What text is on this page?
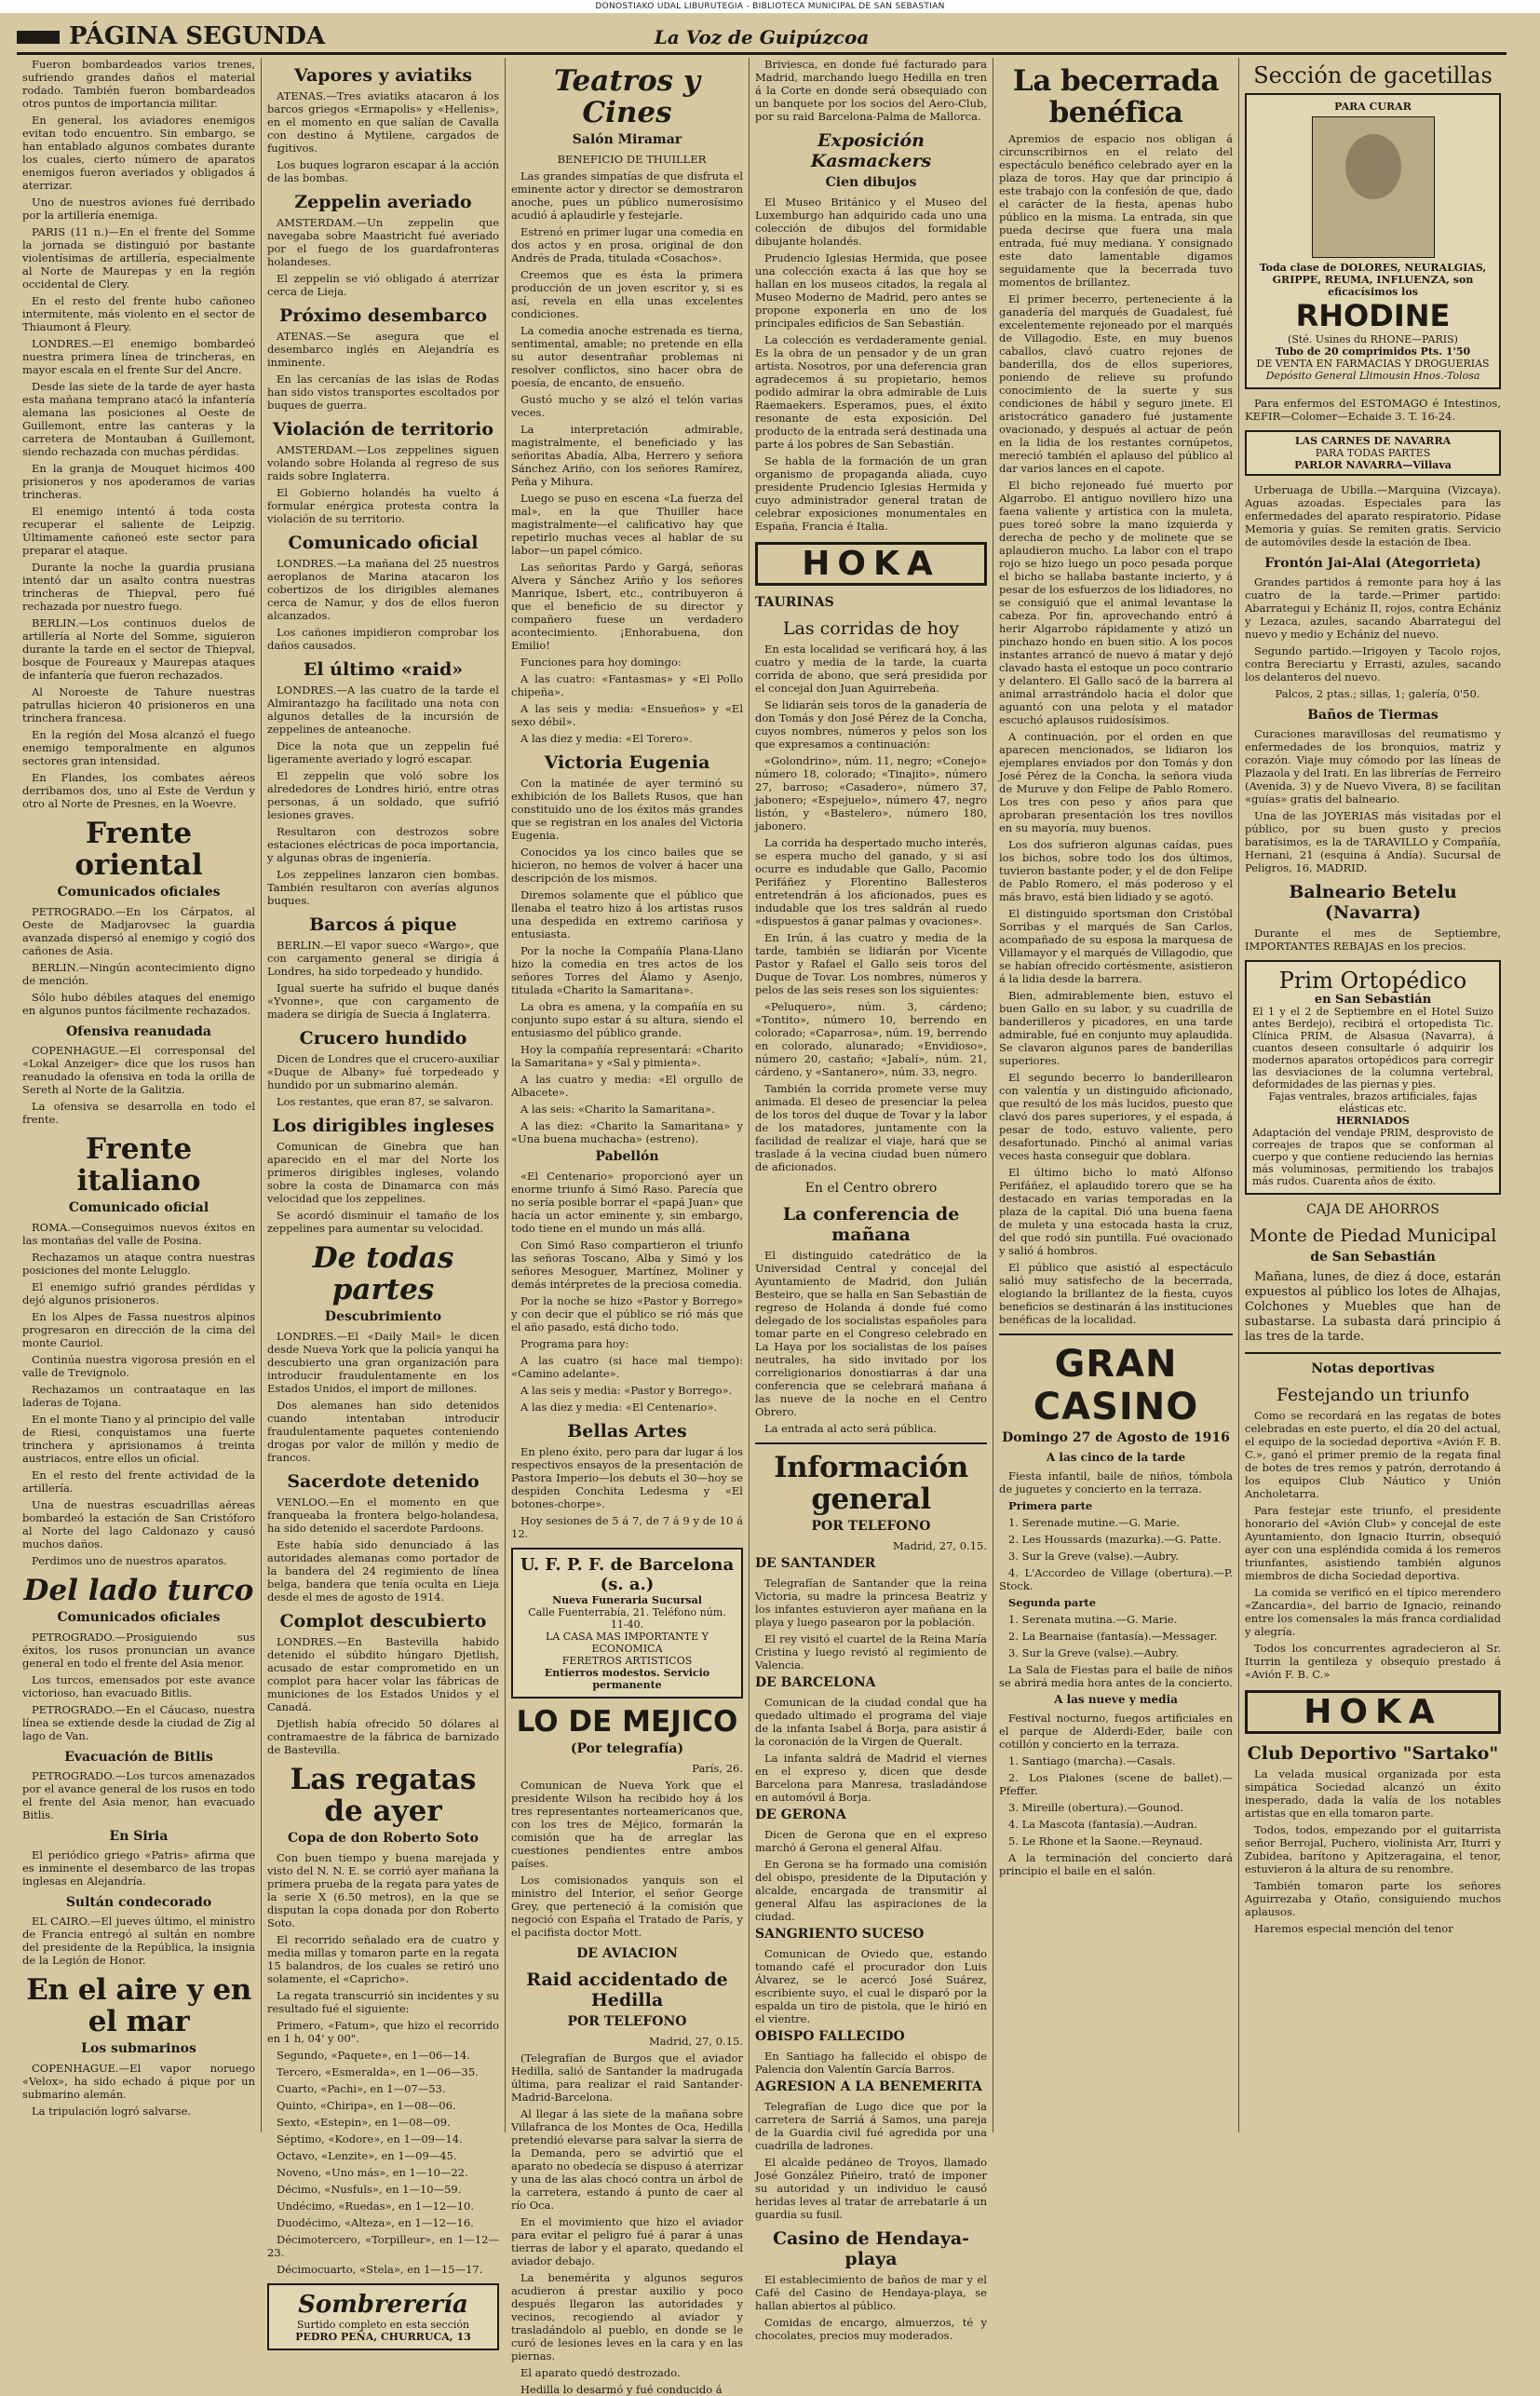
DONOSTIAKO UDAL LIBURUTEGIA - BIBLIOTECA MUNICIPAL DE SAN SEBASTIAN
PÁGINA SEGUNDA	La Voz de Guipúzcoa

Fueron bombardeados varios trenes, sufriendo grandes daños el material rodado. También fueron bombardeados otros puntos de importancia militar.

En general, los aviadores enemigos evitan todo encuentro. Sin embargo, se han entablado algunos combates durante los cuales, cierto número de aparatos enemigos fueron averiados y obligados á aterrizar.

Uno de nuestros aviones fué derribado por la artillería enemiga.

PARIS (11 n.)—En el frente del Somme la jornada se distinguió por bastante violentísimas de artillería, especialmente al Norte de Maurepas y en la región occidental de Clery.

En el resto del frente hubo cañoneo intermitente, más violento en el sector de Thiaumont á Fleury.

LONDRES.—El enemigo bombardeó nuestra primera línea de trincheras, en mayor escala en el frente Sur del Ancre.

Desde las siete de la tarde de ayer hasta esta mañana temprano atacó la infantería alemana las posiciones al Oeste de Guillemont, entre las canteras y la carretera de Montauban á Guillemont, siendo rechazada con muchas pérdidas.

En la granja de Mouquet hicimos 400 prisioneros y nos apoderamos de varias trincheras.

El enemigo intentó á toda costa recuperar el saliente de Leipzig. Últimamente cañoneó este sector para preparar el ataque.

Durante la noche la guardia prusiana intentó dar un asalto contra nuestras trincheras de Thiepval, pero fué rechazada por nuestro fuego.

BERLIN.—Los continuos duelos de artillería al Norte del Somme, siguieron durante la tarde en el sector de Thiepval, bosque de Foureaux y Maurepas ataques de infantería que fueron rechazados.

Al Noroeste de Tahure nuestras patrullas hicieron 40 prisioneros en una trinchera francesa.

En la región del Mosa alcanzó el fuego enemigo temporalmente en algunos sectores gran intensidad.

En Flandes, los combates aéreos derribamos dos, uno al Este de Verdun y otro al Norte de Presnes, en la Woevre.

Frente oriental
Comunicados oficiales

PETROGRADO.—En los Cárpatos, al Oeste de Madjarovsec la guardia avanzada dispersó al enemigo y cogió dos cañones de Asia.

BERLIN.—Ningún acontecimiento digno de mención.

Sólo hubo débiles ataques del enemigo en algunos puntos fácilmente rechazados.

Ofensiva reanudada

COPENHAGUE.—El corresponsal del «Lokal Anzeiger» dice que los rusos han reanudado la ofensiva en toda la orilla de Sereth al Norte de la Galitzia.

La ofensiva se desarrolla en todo el frente.

Frente italiano
Comunicado oficial

ROMA.—Conseguimos nuevos éxitos en las montañas del valle de Posina.

Rechazamos un ataque contra nuestras posiciones del monte Lelugglo.

El enemigo sufrió grandes pérdidas y dejó algunos prisioneros.

En los Alpes de Fassa nuestros alpinos progresaron en dirección de la cima del monte Cauriol.

Continúa nuestra vigorosa presión en el valle de Trevignolo.

Rechazamos un contraataque en las laderas de Tojana.

En el monte Tiano y al principio del valle de Riesi, conquistamos una fuerte trinchera y aprisionamos á treinta austriacos, entre ellos un oficial.

En el resto del frente actividad de la artillería.

Una de nuestras escuadrillas aéreas bombardeó la estación de San Cristóforo al Norte del lago Caldonazo y causó muchos daños.

Perdimos uno de nuestros aparatos.

Del lado turco
Comunicados oficiales

PETROGRADO.—Prosiguiendo sus éxitos, los rusos pronuncian un avance general en todo el frente del Asia menor.

Los turcos, emensados por este avance victorioso, han evacuado Bitlis.

PETROGRADO.—En el Cáucaso, nuestra línea se extiende desde la ciudad de Zig al lago de Van.

Evacuación de Bitlis

PETROGRADO.—Los turcos amenazados por el avance general de los rusos en todo el frente del Asia menor, han evacuado Bitlis.

En Siria

El periódico griego «Patris» afirma que es inminente el desembarco de las tropas inglesas en Alejandría.

Sultán condecorado

EL CAIRO.—El jueves último, el ministro de Francia entregó al sultán en nombre del presidente de la República, la insignia de la Legión de Honor.

En el aire y en el mar
Los submarinos

COPENHAGUE.—El vapor noruego «Velox», ha sido echado á pique por un submarino alemán.

La tripulación logró salvarse.

Vapores y aviatiks

ATENAS.—Tres aviatiks atacaron á los barcos griegos «Ermapolis» y «Hellenis», en el momento en que salían de Cavalla con destino á Mytilene, cargados de fugitivos.

Los buques lograron escapar á la acción de las bombas.

Zeppelin averiado

AMSTERDAM.—Un zeppelin que navegaba sobre Maastricht fué averiado por el fuego de los guardafronteras holandeses.

El zeppelin se vió obligado á aterrizar cerca de Lieja.

Próximo desembarco

ATENAS.—Se asegura que el desembarco inglés en Alejandría es inminente.

En las cercanías de las islas de Rodas han sido vistos transportes escoltados por buques de guerra.

Violación de territorio

AMSTERDAM.—Los zeppelines siguen volando sobre Holanda al regreso de sus raids sobre Inglaterra.

El Gobierno holandés ha vuelto á formular enérgica protesta contra la violación de su territorio.

Comunicado oficial

LONDRES.—La mañana del 25 nuestros aeroplanos de Marina atacaron los cobertizos de los dirigibles alemanes cerca de Namur, y dos de ellos fueron alcanzados.

Los cañones impidieron comprobar los daños causados.

El último «raid»

LONDRES.—A las cuatro de la tarde el Almirantazgo ha facilitado una nota con algunos detalles de la incursión de zeppelines de anteanoche.

Dice la nota que un zeppelin fué ligeramente averiado y logró escapar.

El zeppelin que voló sobre los alrededores de Londres hirió, entre otras personas, á un soldado, que sufrió lesiones graves.

Resultaron con destrozos sobre estaciones eléctricas de poca importancia, y algunas obras de ingeniería.

Los zeppelines lanzaron cien bombas. También resultaron con averías algunos buques.

Barcos á pique

BERLIN.—El vapor sueco «Wargo», que con cargamento general se dirigía á Londres, ha sido torpedeado y hundido.

Igual suerte ha sufrido el buque danés «Yvonne», que con cargamento de madera se dirigía de Suecia á Inglaterra.

Crucero hundido

Dicen de Londres que el crucero-auxiliar «Duque de Albany» fué torpedeado y hundido por un submarino alemán.

Los restantes, que eran 87, se salvaron.

Los dirigibles ingleses

Comunican de Ginebra que han aparecido en el mar del Norte los primeros dirigibles ingleses, volando sobre la costa de Dinamarca con más velocidad que los zeppelines.

Se acordó disminuir el tamaño de los zeppelines para aumentar su velocidad.

De todas partes
Descubrimiento

LONDRES.—El «Daily Mail» le dicen desde Nueva York que la policía yanqui ha descubierto una gran organización para introducir fraudulentamente en los Estados Unidos, el import de millones.

Dos alemanes han sido detenidos cuando intentaban introducir fraudulentamente paquetes conteniendo drogas por valor de millón y medio de francos.

Sacerdote detenido

VENLOO.—En el momento en que franqueaba la frontera belgo-holandesa, ha sido detenido el sacerdote Pardoons.

Este había sido denunciado á las autoridades alemanas como portador de la bandera del 24 regimiento de línea belga, bandera que tenía oculta en Lieja desde el mes de agosto de 1914.

Complot descubierto

LONDRES.—En Bastevilla habido detenido el súbdito húngaro Djetlish, acusado de estar comprometido en un complot para hacer volar las fábricas de municiones de los Estados Unidos y el Canadá.

Djetlish había ofrecido 50 dólares al contramaestre de la fábrica de barnizado de Bastevilla.

Las regatas de ayer
Copa de don Roberto Soto

Con buen tiempo y buena marejada y visto del N. N. E. se corrió ayer mañana la primera prueba de la regata para yates de la serie X (6.50 metros), en la que se disputan la copa donada por don Roberto Soto.

El recorrido señalado era de cuatro y media millas y tomaron parte en la regata 15 balandros, de los cuales se retiró uno solamente, el «Capricho».

La regata transcurrió sin incidentes y su resultado fué el siguiente:

Primero, «Fatum», que hizo el recorrido en 1 h, 04' y 00".

Segundo, «Paquete», en 1—06—14.

Tercero, «Esmeralda», en 1—06—35.

Cuarto, «Pachi», en 1—07—53.

Quinto, «Chiripa», en 1—08—06.

Sexto, «Estepin», en 1—08—09.

Séptimo, «Kodore», en 1—09—14.

Octavo, «Lenzite», en 1—09—45.

Noveno, «Uno más», en 1—10—22.

Décimo, «Nusfuls», en 1—10—59.

Undécimo, «Ruedas», en 1—12—10.

Duodécimo, «Alteza», en 1—12—16.

Décimotercero, «Torpilleur», en 1—12—23.

Décimocuarto, «Stela», en 1—15—17.

Sombrerería
Surtido completo en esta sección
PEDRO PEÑA, CHURRUCA, 13
Teatros y Cines
Salón Miramar

BENEFICIO DE THUILLER

Las grandes simpatías de que disfruta el eminente actor y director se demostraron anoche, pues un público numerosísimo acudió á aplaudirle y festejarle.

Estrenó en primer lugar una comedia en dos actos y en prosa, original de don Andrés de Prada, titulada «Cosachos».

Creemos que es ésta la primera producción de un joven escritor y, si es así, revela en ella unas excelentes condiciones.

La comedia anoche estrenada es tierna, sentimental, amable; no pretende en ella su autor desentrañar problemas ni resolver conflictos, sino hacer obra de poesía, de encanto, de ensueño.

Gustó mucho y se alzó el telón varias veces.

La interpretación admirable, magistralmente, el beneficiado y las señoritas Abadía, Alba, Herrero y señora Sánchez Ariño, con los señores Ramírez, Peña y Mihura.

Luego se puso en escena «La fuerza del mal», en la que Thuiller hace magistralmente—el calificativo hay que repetirlo muchas veces al hablar de su labor—un papel cómico.

Las señoritas Pardo y Gargá, señoras Alvera y Sánchez Ariño y los señores Manrique, Isbert, etc., contribuyeron á que el beneficio de su director y compañero fuese un verdadero acontecimiento. ¡Enhorabuena, don Emilio!

Funciones para hoy domingo:

A las cuatro: «Fantasmas» y «El Pollo chipeña».

A las seis y media: «Ensueños» y «El sexo débil».

A las diez y media: «El Torero».

Victoria Eugenia

Con la matinée de ayer terminó su exhibición de los Ballets Rusos, que han constituido uno de los éxitos más grandes que se registran en los anales del Victoria Eugenia.

Conocidos ya los cinco bailes que se hicieron, no hemos de volver á hacer una descripción de los mismos.

Diremos solamente que el público que llenaba el teatro hizo á los artistas rusos una despedida en extremo cariñosa y entusiasta.

Por la noche la Compañía Plana-Llano hizo la comedia en tres actos de los señores Torres del Álamo y Asenjo, titulada «Charito la Samaritana».

La obra es amena, y la compañía en su conjunto supo estar á su altura, siendo el entusiasmo del público grande.

Hoy la compañía representará: «Charito la Samaritana» y «Sal y pimienta».

A las cuatro y media: «El orgullo de Albacete».

A las seis: «Charito la Samaritana».

A las diez: «Charito la Samaritana» y «Una buena muchacha» (estreno).

Pabellón

«El Centenario» proporcionó ayer un enorme triunfo á Simó Raso. Parecía que no sería posible borrar el «papá Juan» que hacía un actor eminente y, sin embargo, todo tiene en el mundo un más allá.

Con Simó Raso compartieron el triunfo las señoras Toscano, Alba y Simó y los señores Mesoguer, Martínez, Moliner y demás intérpretes de la preciosa comedia.

Por la noche se hizo «Pastor y Borrego» y con decir que el público se rió más que el año pasado, está dicho todo.

Programa para hoy:

A las cuatro (si hace mal tiempo): «Camino adelante».

A las seis y media: «Pastor y Borrego».

A las diez y media: «El Centenario».

Bellas Artes

En pleno éxito, pero para dar lugar á los respectivos ensayos de la presentación de Pastora Imperio—los debuts el 30—hoy se despiden Conchita Ledesma y «El botones-chorpe».

Hoy sesiones de 5 á 7, de 7 á 9 y de 10 á 12.

U. F. P. F. de Barcelona (s. a.)
Nueva Funeraria Sucursal
Calle Fuenterrabía, 21. Teléfono núm. 11-40.
LA CASA MAS IMPORTANTE Y ECONOMICA
FERETROS ARTISTICOS
Entierros modestos. Servicio permanente
LO DE MEJICO
(Por telegrafía)

París, 26.

Comunican de Nueva York que el presidente Wilson ha recibido hoy á los tres representantes norteamericanos que, con los tres de Méjico, formarán la comisión que ha de arreglar las cuestiones pendientes entre ambos países.

Los comisionados yanquis son el ministro del Interior, el señor George Grey, que perteneció á la comisión que negoció con España el Tratado de París, y el pacifista doctor Mott.

DE AVIACION
Raid accidentado de Hedilla
POR TELEFONO

Madrid, 27, 0.15.

(Telegrafían de Burgos que el aviador Hedilla, salió de Santander la madrugada última, para realizar el raid Santander-Madrid-Barcelona.

Al llegar á las siete de la mañana sobre Villafranca de los Montes de Oca, Hedilla pretendió elevarse para salvar la sierra de la Demanda, pero se advirtió que el aparato no obedecía se dispuso á aterrizar y una de las alas chocó contra un árbol de la carretera, estando á punto de caer al río Oca.

En el movimiento que hizo el aviador para evitar el peligro fué á parar á unas tierras de labor y el aparato, quedando el aviador debajo.

La benemérita y algunos seguros acudieron á prestar auxilio y poco después llegaron las autoridades y vecinos, recogiendo al aviador y trasladándolo al pueblo, en donde se le curó de lesiones leves en la cara y en las piernas.

El aparato quedó destrozado.

Hedilla lo desarmó y fué conducido á

Briviesca, en donde fué facturado para Madrid, marchando luego Hedilla en tren á la Corte en donde será obsequiado con un banquete por los socios del Aero-Club, por su raid Barcelona-Palma de Mallorca.

Exposición Kasmackers
Cien dibujos

El Museo Británico y el Museo del Luxemburgo han adquirido cada uno una colección de dibujos del formidable dibujante holandés.

Prudencio Iglesias Hermida, que posee una colección exacta á las que hoy se hallan en los museos citados, la regala al Museo Moderno de Madrid, pero antes se propone exponerla en uno de los principales edificios de San Sebastián.

La colección es verdaderamente genial. Es la obra de un pensador y de un gran artista. Nosotros, por una deferencia gran agradecemos á su propietario, hemos podido admirar la obra admirable de Luis Raemaekers. Esperamos, pues, el éxito resonante de esta exposición. Del producto de la entrada será destinada una parte á los pobres de San Sebastián.

Se habla de la formación de un gran organismo de propaganda aliada, cuyo presidente Prudencio Iglesias Hermida y cuyo administrador general tratan de celebrar exposiciones monumentales en España, Francia é Italia.

HOKA
TAURINAS
Las corridas de hoy

En esta localidad se verificará hoy, á las cuatro y media de la tarde, la cuarta corrida de abono, que será presidida por el concejal don Juan Aguirrebeña.

Se lidiarán seis toros de la ganadería de don Tomás y don José Pérez de la Concha, cuyos nombres, números y pelos son los que expresamos a continuación:

«Golondrino», núm. 11, negro; «Conejo» número 18, colorado; «Tinajito», número 27, barroso; «Casadero», número 37, jabonero; «Espejuelo», número 47, negro listón, y «Bastelero», número 180, jabonero.

La corrida ha despertado mucho interés, se espera mucho del ganado, y si así ocurre es indudable que Gallo, Pacomio Perifáñez y Florentino Ballesteros entretendrán á los aficionados, pues es indudable que los tres saldrán al ruedo «dispuestos á ganar palmas y ovaciones».

En Irún, á las cuatro y media de la tarde, también se lidiarán por Vicente Pastor y Rafael el Gallo seis toros del Duque de Tovar. Los nombres, números y pelos de las seis reses son los siguientes:

«Peluquero», núm. 3, cárdeno; «Tontito», número 10, berrendo en colorado; «Caparrosa», núm. 19, berrendo en colorado, alunarado; «Envidioso», número 20, castaño; «Jabalí», núm. 21, cárdeno, y «Santanero», núm. 33, negro.

También la corrida promete verse muy animada. El deseo de presenciar la pelea de los toros del duque de Tovar y la labor de los matadores, juntamente con la facilidad de realizar el viaje, hará que se traslade á la vecina ciudad buen número de aficionados.

En el Centro obrero
La conferencia de mañana

El distinguido catedrático de la Universidad Central y concejal del Ayuntamiento de Madrid, don Julián Besteiro, que se halla en San Sebastián de regreso de Holanda á donde fué como delegado de los socialistas españoles para tomar parte en el Congreso celebrado en La Haya por los socialistas de los países neutrales, ha sido invitado por los correligionarios donostiarras á dar una conferencia que se celebrará mañana á las nueve de la noche en el Centro Obrero.

La entrada al acto será pública.

Información general
POR TELEFONO

Madrid, 27, 0.15.

DE SANTANDER

Telegrafían de Santander que la reina Victoria, su madre la princesa Beatriz y los infantes estuvieron ayer mañana en la playa y luego pasearon por la población.

El rey visitó el cuartel de la Reina María Cristina y luego revistó al regimiento de Valencia.

DE BARCELONA

Comunican de la ciudad condal que ha quedado ultimado el programa del viaje de la infanta Isabel á Borja, para asistir á la coronación de la Virgen de Queralt.

La infanta saldrá de Madrid el viernes en el expreso y, dicen que desde Barcelona para Manresa, trasladándose en automóvil á Borja.

DE GERONA

Dicen de Gerona que en el expreso marchó á Gerona el general Alfau.

En Gerona se ha formado una comisión del obispo, presidente de la Diputación y alcalde, encargada de transmitir al general Alfau las aspiraciones de la ciudad.

SANGRIENTO SUCESO

Comunican de Oviedo que, estando tomando café el procurador don Luis Álvarez, se le acercó José Suárez, escribiente suyo, el cual le disparó por la espalda un tiro de pistola, que le hirió en el vientre.

OBISPO FALLECIDO

En Santiago ha fallecido el obispo de Palencia don Valentín García Barros.

AGRESION A LA BENEMERITA

Telegrafían de Lugo dice que por la carretera de Sarriá á Samos, una pareja de la Guardia civil fué agredida por una cuadrilla de ladrones.

El alcalde pedáneo de Troyos, llamado José González Piñeiro, trató de imponer su autoridad y un individuo le causó heridas leves al tratar de arrebatarle á un guardia su fusil.

Casino de Hendaya-playa

El establecimiento de baños de mar y el Café del Casino de Hendaya-playa, se hallan abiertos al público.

Comidas de encargo, almuerzos, té y chocolates, precios muy moderados.

La becerrada benéfica

Apremios de espacio nos obligan á circunscribirnos en el relato del espectáculo benéfico celebrado ayer en la plaza de toros. Hay que dar principio á este trabajo con la confesión de que, dado el carácter de la fiesta, apenas hubo público en la misma. La entrada, sin que pueda decirse que fuera una mala entrada, fué muy mediana. Y consignado este dato lamentable digamos seguidamente que la becerrada tuvo momentos de brillantez.

El primer becerro, perteneciente á la ganadería del marqués de Guadalest, fué excelentemente rejoneado por el marqués de Villagodio. Este, en muy buenos caballos, clavó cuatro rejones de banderilla, dos de ellos superiores, poniendo de relieve su profundo conocimiento de la suerte y sus condiciones de hábil y seguro jinete. El aristocrático ganadero fué justamente ovacionado, y después al actuar de peón en la lidia de los restantes cornúpetos, mereció también el aplauso del público al dar varios lances en el capote.

El bicho rejoneado fué muerto por Algarrobo. El antiguo novillero hizo una faena valiente y artística con la muleta, pues toreó sobre la mano izquierda y derecha de pecho y de molinete que se aplaudieron mucho. La labor con el trapo rojo se hizo luego un poco pesada porque el bicho se hallaba bastante incierto, y á pesar de los esfuerzos de los lidiadores, no se consiguió que el animal levantase la cabeza. Por fin, aprovechando entró á herir Algarrobo rápidamente y atizó un pinchazo hondo en buen sitio. A los pocos instantes arrancó de nuevo á matar y dejó clavado hasta el estoque un poco contrario y delantero. El Gallo sacó de la barrera al animal arrastrándolo hacia el dolor que aguantó con una pelota y el matador escuchó aplausos ruidosísimos.

A continuación, por el orden en que aparecen mencionados, se lidiaron los ejemplares enviados por don Tomás y don José Pérez de la Concha, la señora viuda de Muruve y don Felipe de Pablo Romero. Los tres con peso y años para que aprobaran presentación los tres novillos en su mayoría, muy buenos.

Los dos sufrieron algunas caídas, pues los bichos, sobre todo los dos últimos, tuvieron bastante poder, y el de don Felipe de Pablo Romero, el más poderoso y el más bravo, está bien lidiado y se agotó.

El distinguido sportsman don Cristóbal Sorribas y el marqués de San Carlos, acompañado de su esposa la marquesa de Villamayor y el marqués de Villagodio, que se habían ofrecido cortésmente, asistieron á la lidia desde la barrera.

Bien, admirablemente bien, estuvo el buen Gallo en su labor, y su cuadrilla de banderilleros y picadores, en una tarde admirable, fué en conjunto muy aplaudida. Se clavaron algunos pares de banderillas superiores.

El segundo becerro lo banderillearon con valentía y un distinguido aficionado, que resultó de los más lucidos, puesto que clavó dos pares superiores, y el espada, á pesar de todo, estuvo valiente, pero desafortunado. Pinchó al animal varias veces hasta conseguir que doblara.

El último bicho lo mató Alfonso Perifáñez, el aplaudido torero que se ha destacado en varias temporadas en la plaza de la capital. Dió una buena faena de muleta y una estocada hasta la cruz, del que rodó sin puntilla. Fué ovacionado y salió á hombros.

El público que asistió al espectáculo salió muy satisfecho de la becerrada, elogiando la brillantez de la fiesta, cuyos beneficios se destinarán á las instituciones benéficas de la localidad.

GRAN CASINO
Domingo 27 de Agosto de 1916
A las cinco de la tarde

Fiesta infantil, baile de niños, tómbola de juguetes y concierto en la terraza.

Primera parte

1. Serenade mutine.—G. Marie.

2. Les Houssards (mazurka).—G. Patte.

3. Sur la Greve (valse).—Aubry.

4. L'Accordeo de Village (obertura).—P. Stock.

Segunda parte

1. Serenata mutina.—G. Marie.

2. La Bearnaise (fantasía).—Messager.

3. Sur la Greve (valse).—Aubry.

La Sala de Fiestas para el baile de niños se abrirá media hora antes de la concierto.

A las nueve y media

Festival nocturno, fuegos artificiales en el parque de Alderdi-Eder, baile con cotillón y concierto en la terraza.

1. Santiago (marcha).—Casals.

2. Los Pialones (scene de ballet).—Pfeffer.

3. Mireille (obertura).—Gounod.

4. La Mascota (fantasía).—Audran.

5. Le Rhone et la Saone.—Reynaud.

A la terminación del concierto dará principio el baile en el salón.

Sección de gacetillas
PARA CURAR
Toda clase de DOLORES, NEURALGIAS, GRIPPE, REUMA, INFLUENZA, son eficacísimos los
RHODINE
(Sté. Usines du RHONE—PARIS)
Tubo de 20 comprimidos Pts. 1'50
DE VENTA EN FARMACIAS Y DROGUERIAS
Depósito General Llimousin Hnos.-Tolosa

Para enfermos del ESTOMAGO é Intestinos, KEFIR—Colomer—Echaide 3. T. 16-24.

LAS CARNES DE NAVARRA
PARA TODAS PARTES
PARLOR NAVARRA—Villava

Urberuaga de Ubilla.—Marquina (Vizcaya). Aguas azoadas. Especiales para las enfermedades del aparato respiratorio. Pídase Memoria y guías. Se remiten gratis. Servicio de automóviles desde la estación de Ibea.

Frontón Jai-Alai (Ategorrieta)

Grandes partidos á remonte para hoy á las cuatro de la tarde.—Primer partido: Abarrategui y Echániz II, rojos, contra Echániz y Lezaca, azules, sacando Abarrategui del nuevo y medio y Echániz del nuevo.

Segundo partido.—Irigoyen y Tacolo rojos, contra Bereciartu y Errasti, azules, sacando los delanteros del nuevo.

Palcos, 2 ptas.; sillas, 1; galería, 0'50.

Baños de Tiermas

Curaciones maravillosas del reumatismo y enfermedades de los bronquios, matriz y corazón. Viaje muy cómodo por las líneas de Plazaola y del Irati. En las librerías de Ferreiro (Avenida, 3) y de Nuevo Vivera, 8) se facilitan «guías» gratis del balneario.

Una de las JOYERIAS más visitadas por el público, por su buen gusto y precios baratísimos, es la de TARAVILLO y Compañía, Hernani, 21 (esquina á Andía). Sucursal de Peligros, 16, MADRID.

Balneario Betelu (Navarra)

Durante el mes de Septiembre, IMPORTANTES REBAJAS en los precios.

Prim Ortopédico
en San Sebastián
El 1 y el 2 de Septiembre en el Hotel Suizo antes Berdejo), recibirá el ortopedista Tic. Clínica PRIM, de Alsasua (Navarra), á cuantos deseen consultarle ó adquirir los modernos aparatos ortopédicos para corregir las desviaciones de la columna vertebral, deformidades de las piernas y pies.
Fajas ventrales, brazos artificiales, fajas elásticas etc.
HERNIADOS
Adaptación del vendaje PRIM, desprovisto de correajes de trapos que se conforman al cuerpo y que contiene reduciendo las hernias más voluminosas, permitiendo los trabajos más rudos. Cuarenta años de éxito.
CAJA DE AHORROS
Monte de Piedad Municipal
de San Sebastián

Mañana, lunes, de diez á doce, estarán expuestos al público los lotes de Alhajas, Colchones y Muebles que han de subastarse. La subasta dará principio á las tres de la tarde.

Notas deportivas
Festejando un triunfo

Como se recordará en las regatas de botes celebradas en este puerto, el día 20 del actual, el equipo de la sociedad deportiva «Avión F. B. C.», ganó el primer premio de la regata final de botes de tres remos y patrón, derrotando á los equipos Club Náutico y Unión Ancholetarra.

Para festejar este triunfo, el presidente honorario del «Avión Club» y concejal de este Ayuntamiento, don Ignacio Iturrin, obsequió ayer con una espléndida comida á los remeros triunfantes, asistiendo también algunos miembros de dicha Sociedad deportiva.

La comida se verificó en el típico merendero «Zancardia», del barrio de Ignacio, reinando entre los comensales la más franca cordialidad y alegría.

Todos los concurrentes agradecieron al Sr. Iturrin la gentileza y obsequio prestado á «Avión F. B. C.»

HOKA
Club Deportivo "Sartako"

La velada musical organizada por esta simpática Sociedad alcanzó un éxito inesperado, dada la valía de los notables artistas que en ella tomaron parte.

Todos, todos, empezando por el guitarrista señor Berrojal, Puchero, violinista Arr, Iturri y Zubidea, barítono y Apitzeragaina, el tenor, estuvieron á la altura de su renombre.

También tomaron parte los señores Aguirrezaba y Otaño, consiguiendo muchos aplausos.

Haremos especial mención del tenor
